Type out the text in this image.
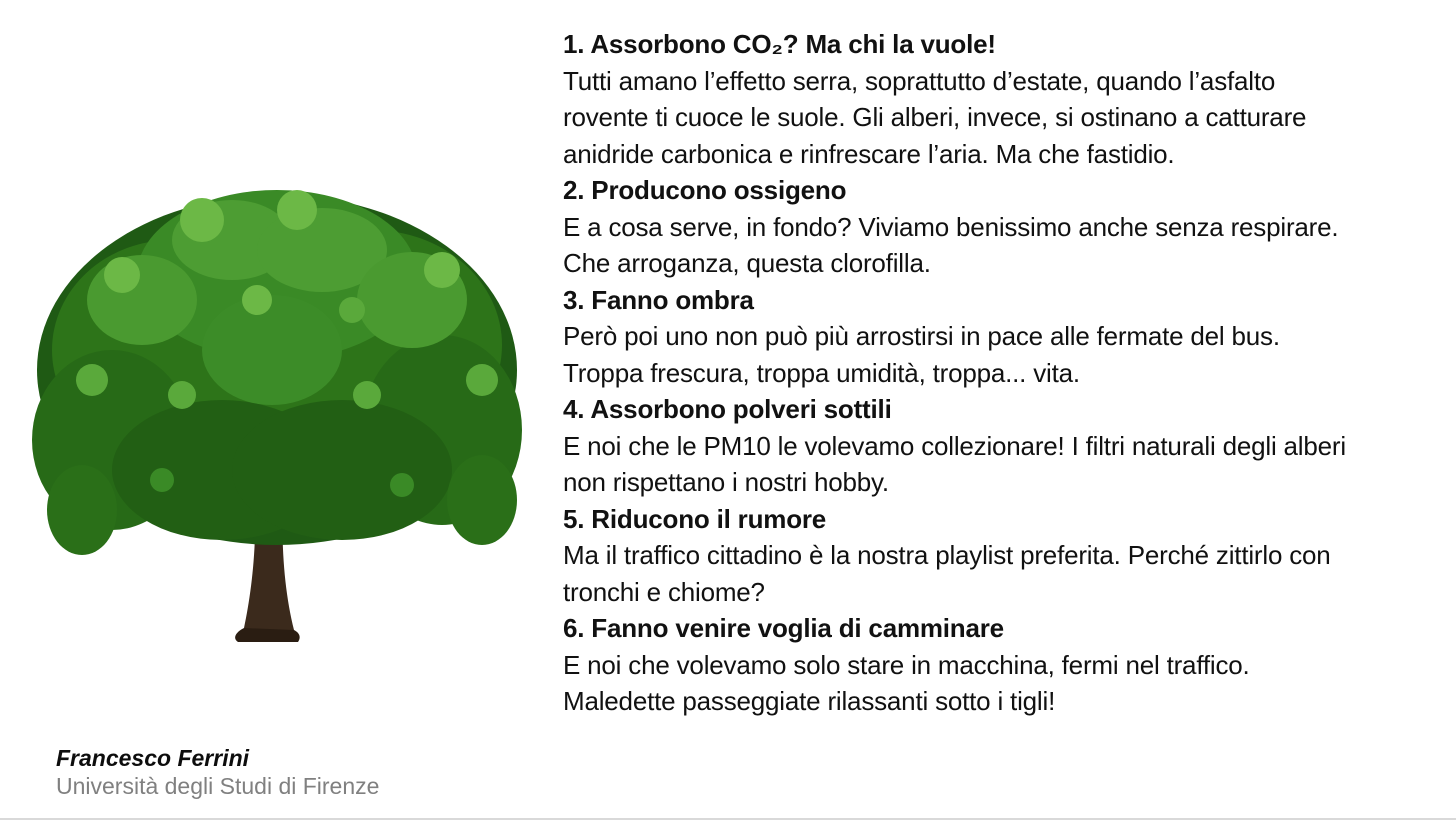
1. Assorbono CO₂? Ma chi la vuole!
Tutti amano l’effetto serra, soprattutto d’estate, quando l’asfalto
rovente ti cuoce le suole. Gli alberi, invece, si ostinano a catturare
anidride carbonica e rinfrescare l’aria. Ma che fastidio.
2. Producono ossigeno
E a cosa serve, in fondo? Viviamo benissimo anche senza respirare.
Che arroganza, questa clorofilla.
3. Fanno ombra
Però poi uno non può più arrostirsi in pace alle fermate del bus.
Troppa frescura, troppa umidità, troppa... vita.
4. Assorbono polveri sottili
E noi che le PM10 le volevamo collezionare! I filtri naturali degli alberi
non rispettano i nostri hobby.
5. Riducono il rumore
Ma il traffico cittadino è la nostra playlist preferita. Perché zittirlo con
tronchi e chiome?
6. Fanno venire voglia di camminare
E noi che volevamo solo stare in macchina, fermi nel traffico.
Maledette passeggiate rilassanti sotto i tigli!
Francesco Ferrini
Università degli Studi di Firenze
